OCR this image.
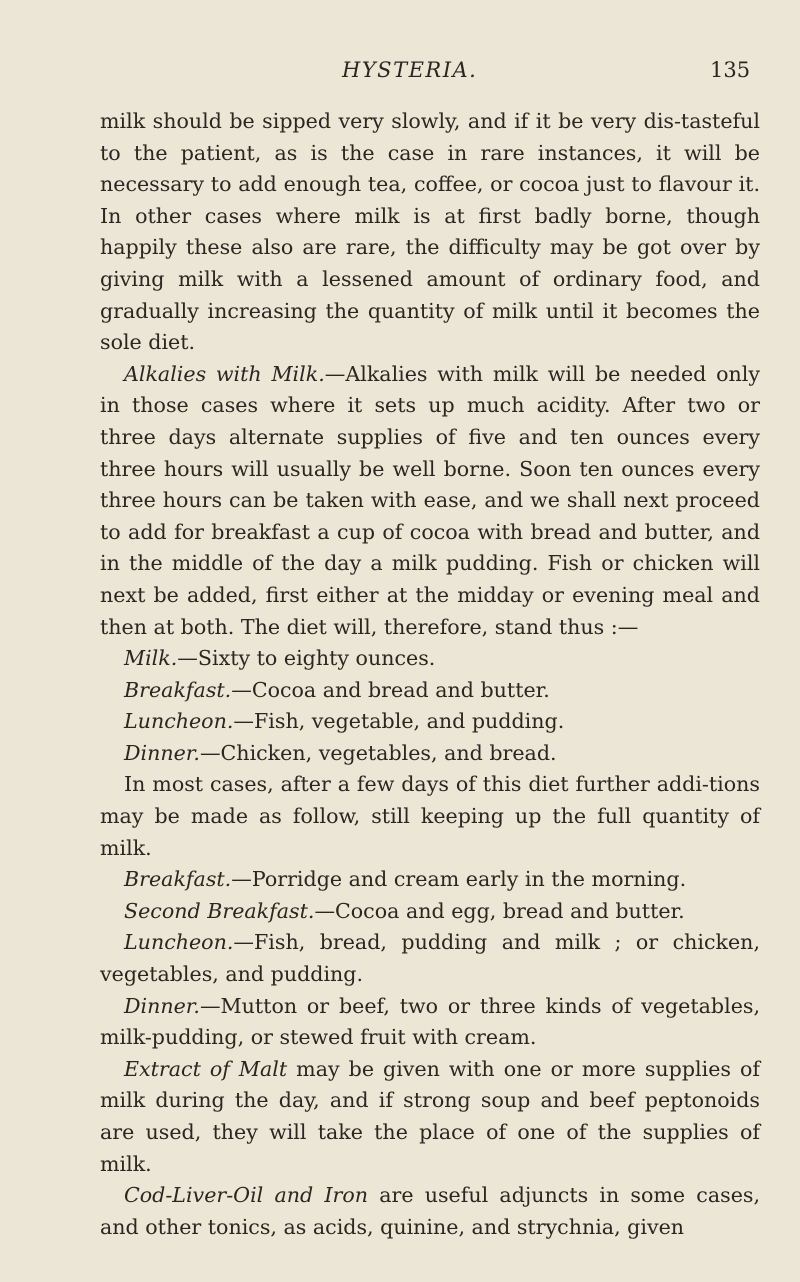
HYSTERIA.	135

milk should be sipped very slowly, and if it be very dis-tasteful to the patient, as is the case in rare instances, it will be necessary to add enough tea, coffee, or cocoa just to flavour it. In other cases where milk is at first badly borne, though happily these also are rare, the difficulty may be got over by giving milk with a lessened amount of ordinary food, and gradually increasing the quantity of milk until it becomes the sole diet.

Alkalies with Milk.—Alkalies with milk will be needed only in those cases where it sets up much acidity. After two or three days alternate supplies of five and ten ounces every three hours will usually be well borne. Soon ten ounces every three hours can be taken with ease, and we shall next proceed to add for breakfast a cup of cocoa with bread and butter, and in the middle of the day a milk pudding. Fish or chicken will next be added, first either at the midday or evening meal and then at both. The diet will, therefore, stand thus :—

Milk.—Sixty to eighty ounces.

Breakfast.—Cocoa and bread and butter.

Luncheon.—Fish, vegetable, and pudding.

Dinner.—Chicken, vegetables, and bread.

In most cases, after a few days of this diet further addi-tions may be made as follow, still keeping up the full quantity of milk.

Breakfast.—Porridge and cream early in the morning.

Second Breakfast.—Cocoa and egg, bread and butter.

Luncheon.—Fish, bread, pudding and milk ; or chicken, vegetables, and pudding.

Dinner.—Mutton or beef, two or three kinds of vegetables, milk-pudding, or stewed fruit with cream.

Extract of Malt may be given with one or more supplies of milk during the day, and if strong soup and beef peptonoids are used, they will take the place of one of the supplies of milk.

Cod-Liver-Oil and Iron are useful adjuncts in some cases, and other tonics, as acids, quinine, and strychnia, given
